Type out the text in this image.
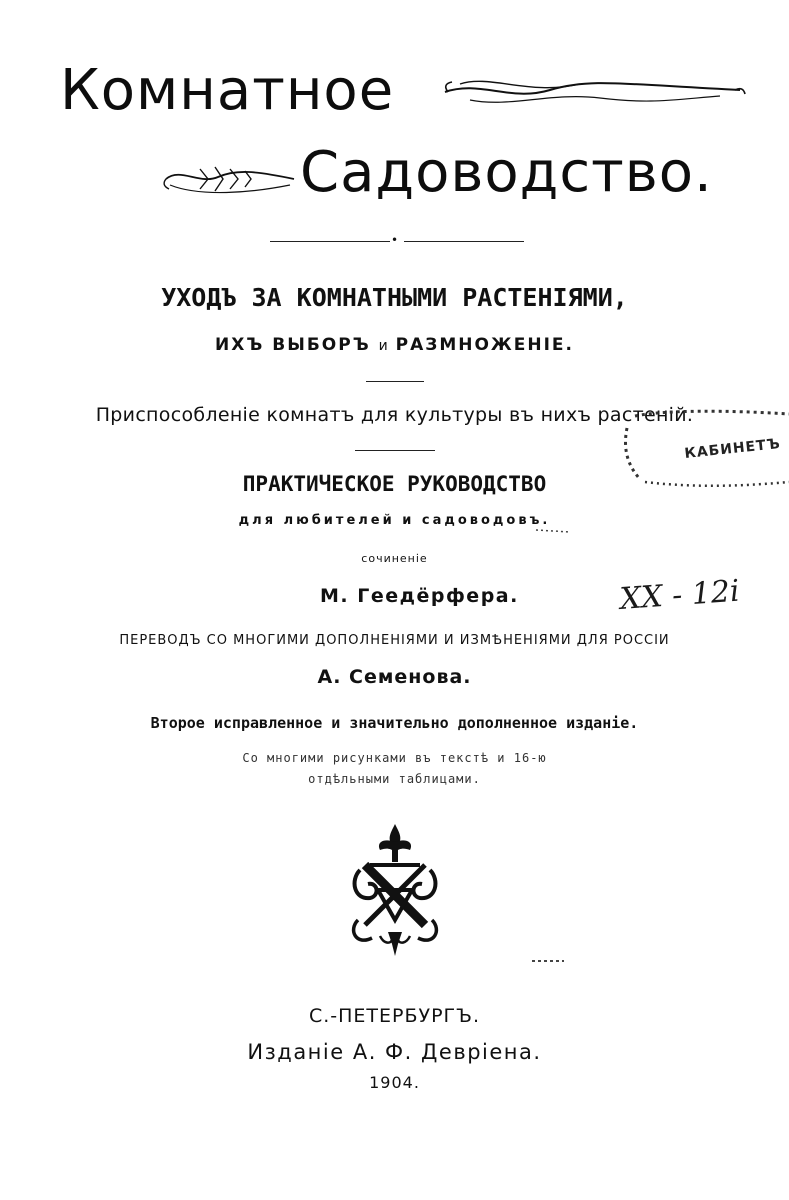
Комнатное
Садоводство.
•
УХОДЪ ЗА КОМНАТНЫМИ РАСТЕНІЯМИ,
ИХЪ ВЫБОРЪ и РАЗМНОЖЕНІЕ.
Приспособленіе комнатъ для культуры въ нихъ растеній.
ПРАКТИЧЕСКОЕ РУКОВОДСТВО
для любителей и садоводовъ.
сочиненіе
М. Геедёрфера.	XX - 12i
ПЕРЕВОДЪ СО МНОГИМИ ДОПОЛНЕНІЯМИ И ИЗМѢНЕНІЯМИ ДЛЯ РОССІИ
А. Семенова.
Второе исправленное и значительно дополненное изданіе.
Со многими рисунками въ текстѣ и 16-ю
отдѣльными таблицами.
С.-ПЕТЕРБУРГЪ.
Изданіе А. Ф. Девріена.
1904.
КАБИНЕТЪ
